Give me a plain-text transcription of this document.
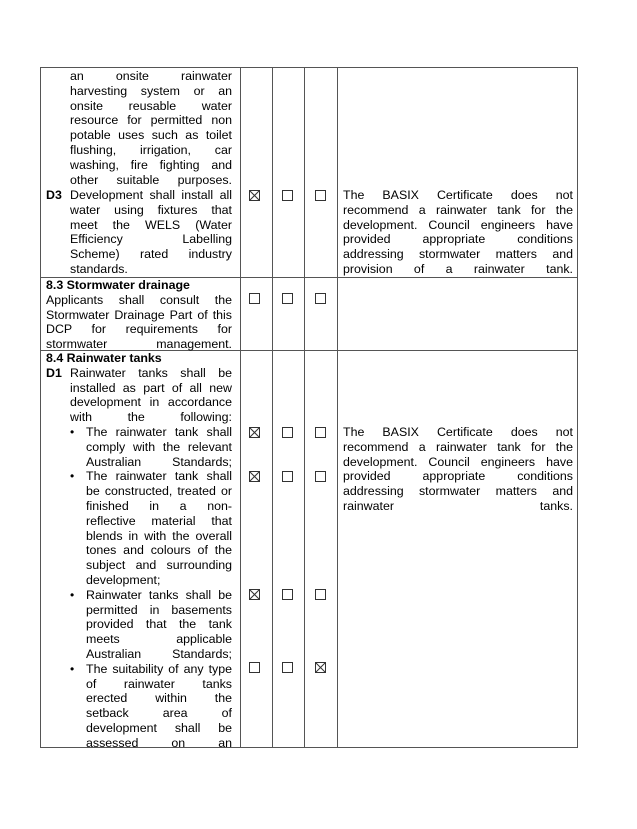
an onsite rainwater
harvesting system or an
onsite reusable water
resource for permitted non
potable uses such as toilet
flushing, irrigation, car
washing, fire fighting and
other suitable purposes.
D3 Development shall install all
water using fixtures that
meet the WELS (Water
Efficiency Labelling
Scheme) rated industry
standards.
The BASIX Certificate does not
recommend a rainwater tank for the
development. Council engineers have
provided appropriate conditions
addressing stormwater matters and
provision of a rainwater tank.
8.3 Stormwater drainage
Applicants shall consult the
Stormwater Drainage Part of this
DCP for requirements for
stormwater management.
8.4 Rainwater tanks
D1 Rainwater tanks shall be
installed as part of all new
development in accordance
with the following:
• The rainwater tank shall
comply with the relevant
Australian Standards;
The BASIX Certificate does not
recommend a rainwater tank for the
development. Council engineers have
provided appropriate conditions
addressing stormwater matters and
rainwater tanks.
• The rainwater tank shall
be constructed, treated or
finished in a non-
reflective material that
blends in with the overall
tones and colours of the
subject and surrounding
development;
• Rainwater tanks shall be
permitted in basements
provided that the tank
meets applicable
Australian Standards;
• The suitability of any type
of rainwater tanks
erected within the
setback area of
development shall be
assessed on an
